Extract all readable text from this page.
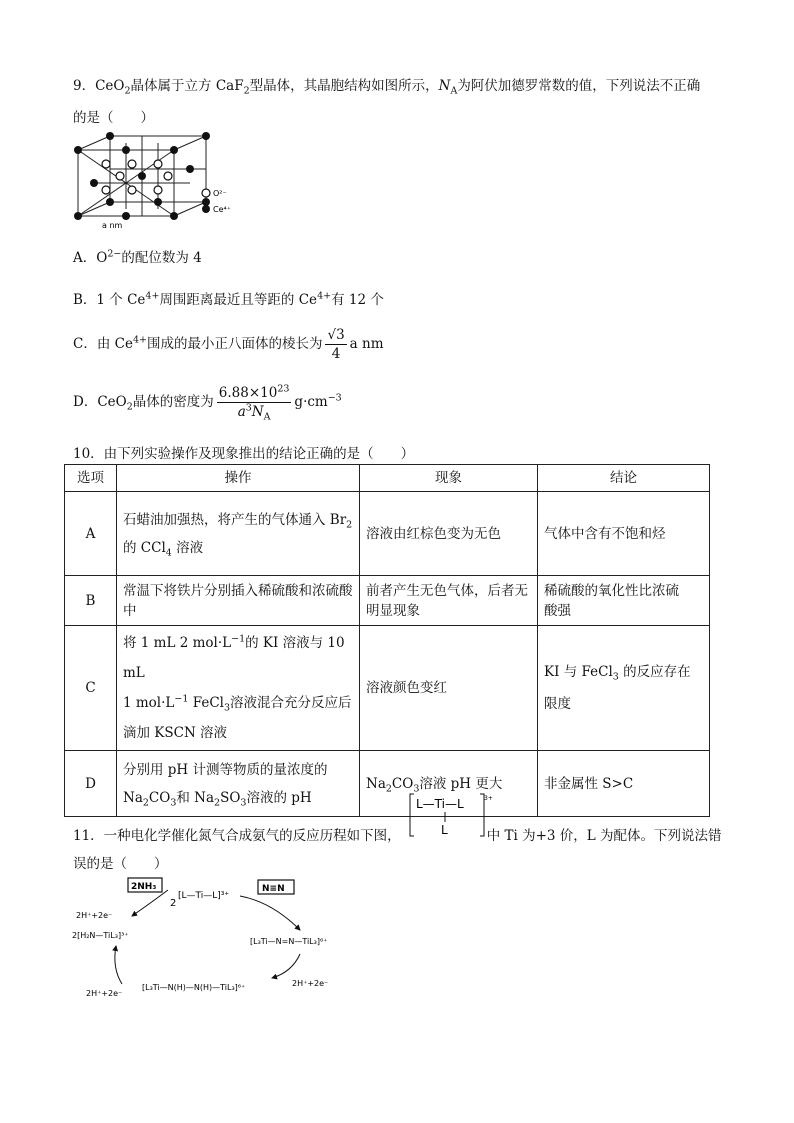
9．CeO$_2$晶体属于立方 CaF$_2$型晶体，其晶胞结构如图所示，$N_A$为阿伏加德罗常数的值，下列说法不正确
的是（　　）
O²⁻
Ce⁴⁺
a nm
A．$O^{2-}$的配位数为 4
B．1 个 $Ce^{4+}$周围距离最近且等距的 $Ce^{4+}$有 12 个
C．由 $Ce^{4+}$围成的最小正八面体的棱长为 $\frac{√3}{4}$ a nm
D．CeO$_2$晶体的密度为 $\frac{6.88\times 10^{23}}{a^3N_A} g\cdot cm^{-3}$
10．由下列实验操作及现象推出的结论正确的是（　　）
选项	操作	现象	结论
A	石蜡油加强热，将产生的气体通入 $Br_2$
的 CCl$_4$ 溶液	溶液由红棕色变为无色	气体中含有不饱和烃
B	常温下将铁片分别插入稀硫酸和浓硫酸
中	前者产生无色气体，后者无
明显现象	稀硫酸的氧化性比浓硫
酸强
C	将 1 mL 2 $mol\cdot L^{-1}$的 KI 溶液与 10 mL
1 $mol\cdot L^{-1}$ FeCl$_3$溶液混合充分反应后
滴加 KSCN 溶液	溶液颜色变红	KI 与 FeCl$_3$ 的反应存在
限度
D	分别用 pH 计测等物质的量浓度的
$Na_2CO_3$和 $Na_2SO_3$溶液的 pH	$Na_2CO_3$溶液 pH 更大	非金属性 S>C
11．一种电化学催化氮气合成氨气的反应历程如下图，	中 Ti 为+3 价，L 为配体。下列说法错
L—Ti—L
L
3+
误的是（　　）
2NH₃
2
[L—Ti—L]³⁺
N≡N
2H⁺+2e⁻
2[H₂N—TiL₃]³⁺
[L₃Ti—N=N—TiL₃]⁶⁺
2H⁺+2e⁻
[L₃Ti—N(H)—N(H)—TiL₃]⁶⁺	2H⁺+2e⁻
